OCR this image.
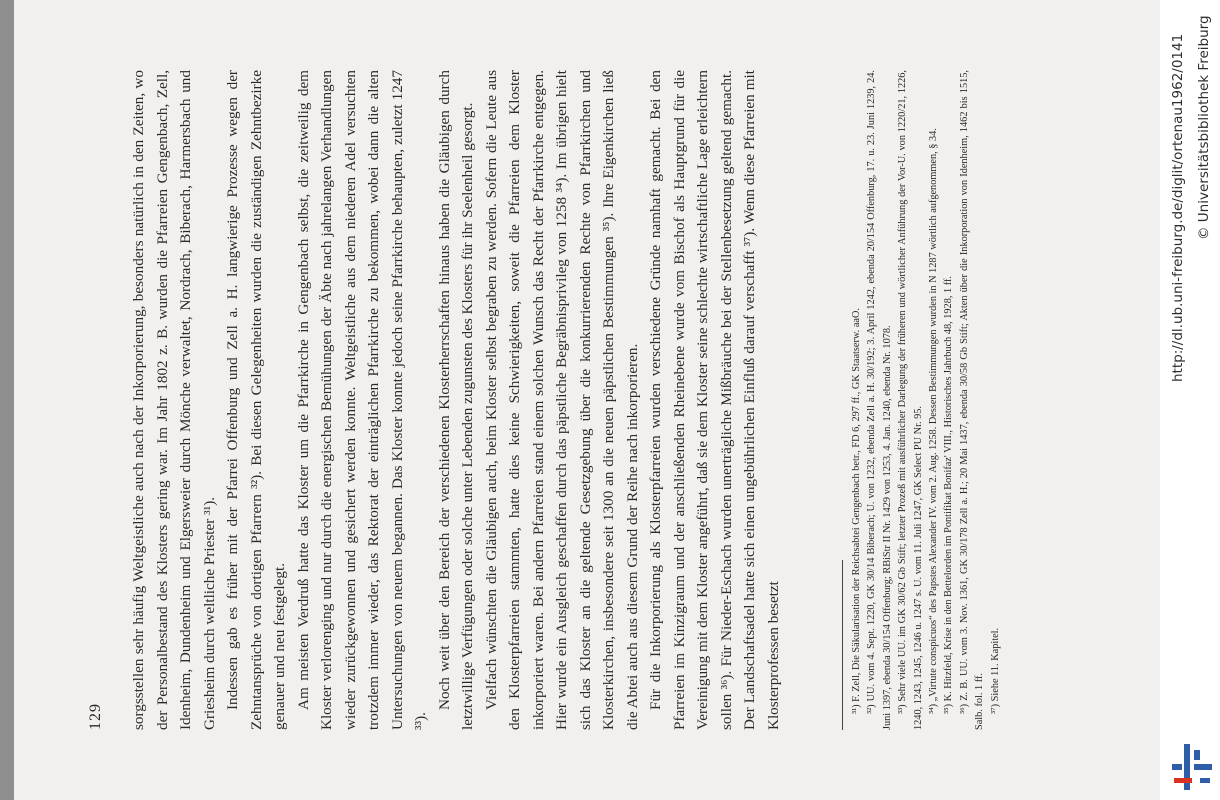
129 sorgsstellen sehr häufig Weltgeistliche auch nach der Inkorporierung, besonders natürlich in den Zeiten, wo der Personalbestand des Klosters gering war. Im Jahr 1802 z. B. wurden die Pfarreien Gengenbach, Zell, Idenheim, Dundenheim und Elgersweier durch Mönche verwaltet, Nordrach, Biberach, Harmersbach und Griesheim durch weltliche Priester ³¹). Indessen gab es früher mit der Pfarrei Offenburg und Zell a. H. langwierige Prozesse wegen der Zehntansprüche von dortigen Pfarrern ³²). Bei diesen Gelegenheiten wurden die zuständigen Zehntbezirke genauer und neu festgelegt. Am meisten Verdruß hatte das Kloster um die Pfarrkirche in Gengenbach selbst, die zeitweilig dem Kloster verlorenging und nur durch die energischen Bemühungen der Äbte nach jahrelangen Verhandlungen wieder zurückgewonnen und gesichert werden konnte. Weltgeistliche aus dem niederen Adel versuchten trotzdem immer wieder, das Rektorat der einträglichen Pfarrkirche zu bekommen, wobei dann die alten Untersuchungen von neuem begannen. Das Kloster konnte jedoch seine Pfarrkirche behaupten, zuletzt 1247 ³³).

Noch weit über den Bereich der verschiedenen Klosterherrschaften hinaus haben die Gläubigen durch letztwillige Verfügungen oder solche unter Lebenden zugunsten des Klosters für ihr Seelenheil gesorgt. Vielfach wünschten die Gläubigen auch, beim Kloster selbst begraben zu werden. Sofern die Leute aus den Klosterpfarreien stammten, hatte dies keine Schwierigkeiten, soweit die Pfarreien dem Kloster inkorporiert waren. Bei andern Pfarreien stand einem solchen Wunsch das Recht der Pfarrkirche entgegen. Hier wurde ein Ausgleich geschaffen durch das päpstliche Begräbnisprivileg von 1258 ³⁴). Im übrigen hielt sich das Kloster an die geltende Gesetzgebung über die konkurrierenden Rechte von Pfarrkirchen und Klosterkirchen, insbesondere seit 1300 an die neuen päpstlichen Bestimmungen ³⁵). Ihre Eigenkirchen ließ die Abtei auch aus diesem Grund der Reihe nach inkorporieren. Für die Inkorporierung als Klosterpfarreien wurden verschiedene Gründe namhaft gemacht. Bei den Pfarreien im Kinzigraum und der anschließenden Rheinebene wurde vom Bischof als Hauptgrund für die Vereinigung mit dem Kloster angeführt, daß sie dem Kloster seine schlechte wirtschaftliche Lage erleichtern sollen ³⁶). Für Nieder-Eschach wurden unerträgliche Mißbräuche bei der Stellenbesetzung geltend gemacht. Der Landschaftsadel hatte sich einen ungebührlichen Einfluß darauf verschafft ³⁷). Wenn diese Pfarreien mit Klosterprofessen besetzt	³¹) F. Zell, Die Säkularisation der Reichsabtei Gengenbach betr., FD 6, 297 ff., GK Staatserw. aaO. ³²) UU. vom 4. Sept. 1220, GK 30/14 Biberach; U. von 1232, ebenda Zell a. H. 30/192; 3. April 1242, ebenda 20/154 Offenburg, 17. u. 23. Juni 1239, 24. Juni 1397, ebenda 30/154 Offenburg; RBiStr II Nr. 1429 von 1253, 4. Jan. 1240, ebenda Nr. 1078. ³³) Sehr viele UU. im GK 30/62 Gb Stift; letzter Prozeß mit ausführlicher Darlegung der früheren und wörtlicher Anführung der Vor-U. von 1220/21, 1226, 1240, 1243, 1245, 1246 u. 1247 s. U. vom 11. Juli 1247, GK Select PU Nr. 95. ³⁴) „Virtute conspicuos“ des Papstes Alexander IV. vom 2. Aug. 1258. Dessen Bestimmungen wurden in N 1287 wörtlich aufgenommen, § 34. ³⁵) K. Hitzfeld, Krise in den Bettelorden im Pontifikat Bonifaz' VIII., Historisches Jahrbuch 48, 1928, 1 ff. ³⁶) Z. B. UU. vom 3. Nov. 1361, GK 30/178 Zell a. H.; 20 Mai 1437, ebenda 30/58 Gb Stift; Akten über die Inkorporation von Idenheim, 1462 bis 1515, Salb. fol. 1 ff. ³⁷) Siehe 11. Kapitel.

http://dl.ub.uni-freiburg.de/diglit/ortenau1962/0141 © Universitätsbibliothek Freiburg
